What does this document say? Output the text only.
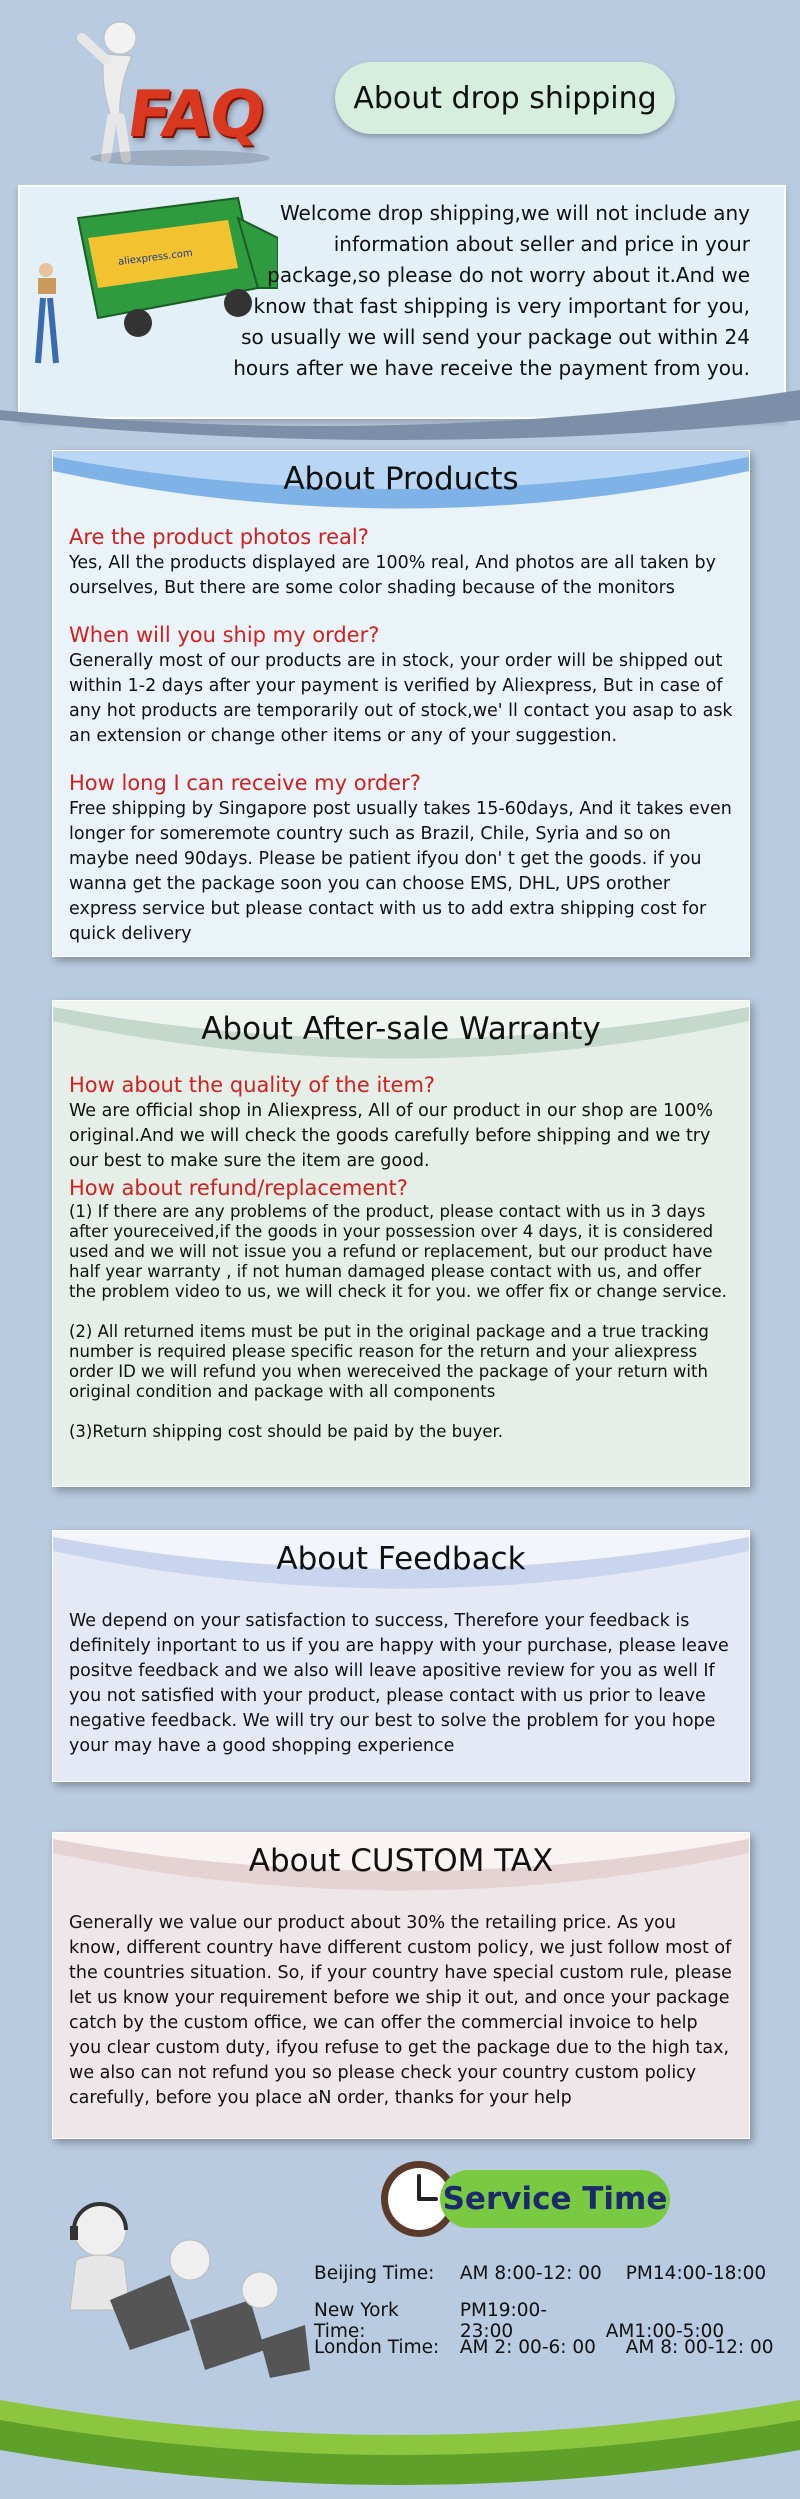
FAQ	About drop shipping
aliexpress.com
Welcome drop shipping,we will not include any information about seller and price in your package,so please do not worry about it.And we know that fast shipping is very important for you, so usually we will send your package out within 24 hours after we have receive the payment from you.
About Products

Are the product photos real?

Yes, All the products displayed are 100% real, And photos are all taken by ourselves, But there are some color shading because of the monitors

When will you ship my order?

Generally most of our products are in stock, your order will be shipped out within 1-2 days after your payment is verified by Aliexpress, But in case of any hot products are temporarily out of stock,we' ll contact you asap to ask an extension or change other items or any of your suggestion.

How long I can receive my order?

Free shipping by Singapore post usually takes 15-60days, And it takes even longer for someremote country such as Brazil, Chile, Syria and so on maybe need 90days. Please be patient ifyou don' t get the goods. if you wanna get the package soon you can choose EMS, DHL, UPS orother express service but please contact with us to add extra shipping cost for quick delivery

About After-sale Warranty

How about the quality of the item?

We are official shop in Aliexpress, All of our product in our shop are 100% original.And we will check the goods carefully before shipping and we try our best to make sure the item are good.

How about refund/replacement?

(1) If there are any problems of the product, please contact with us in 3 days after youreceived,if the goods in your possession over 4 days, it is considered used and we will not issue you a refund or replacement, but our product have half year warranty , if not human damaged please contact with us, and offer the problem video to us, we will check it for you. we offer fix or change service.

(2) All returned items must be put in the original package and a true tracking number is required please specific reason for the return and your aliexpress order ID we will refund you when wereceived the package of your return with original condition and package with all components

(3)Return shipping cost should be paid by the buyer.

About Feedback

We depend on your satisfaction to success, Therefore your feedback is definitely inportant to us if you are happy with your purchase, please leave positve feedback and we also will leave apositive review for you as well If you not satisfied with your product, please contact with us prior to leave negative feedback. We will try our best to solve the problem for you hope your may have a good shopping experience

About CUSTOM TAX

Generally we value our product about 30% the retailing price. As you know, different country have different custom policy, we just follow most of the countries situation. So, if your country have special custom rule, please let us know your requirement before we ship it out, and once your package catch by the custom office, we can offer the commercial invoice to help you clear custom duty, ifyou refuse to get the package due to the high tax, we also can not refund you so please check your country custom policy carefully, before you place aN order, thanks for your help

Service Time
Beijing Time: AM 8:00-12: 00 PM14:00-18:00
New York Time: PM19:00-23:00	AM1:00-5:00
London Time: AM 2: 00-6: 00 AM 8: 00-12: 00
